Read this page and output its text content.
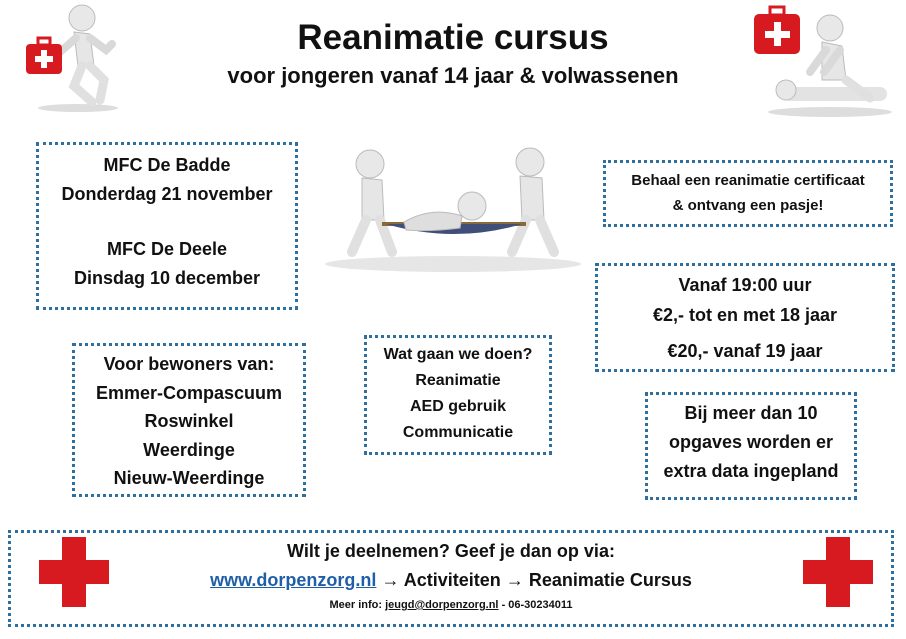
Reanimatie cursus
voor jongeren vanaf 14 jaar & volwassenen

MFC De Badde

Donderdag 21 november

MFC De Deele

Dinsdag 10 december

Behaal een reanimatie certificaat

& ontvang een pasje!

Vanaf 19:00 uur

€2,- tot en met 18 jaar

€20,- vanaf 19 jaar

Voor bewoners van:

Emmer-Compascuum

Roswinkel

Weerdinge

Nieuw-Weerdinge

Wat gaan we doen?

Reanimatie

AED gebruik

Communicatie

Bij meer dan 10

opgaves worden er

extra data ingepland

Wilt je deelnemen? Geef je dan op via:
www.dorpenzorg.nl → Activiteiten → Reanimatie Cursus
Meer info: jeugd@dorpenzorg.nl - 06-30234011
